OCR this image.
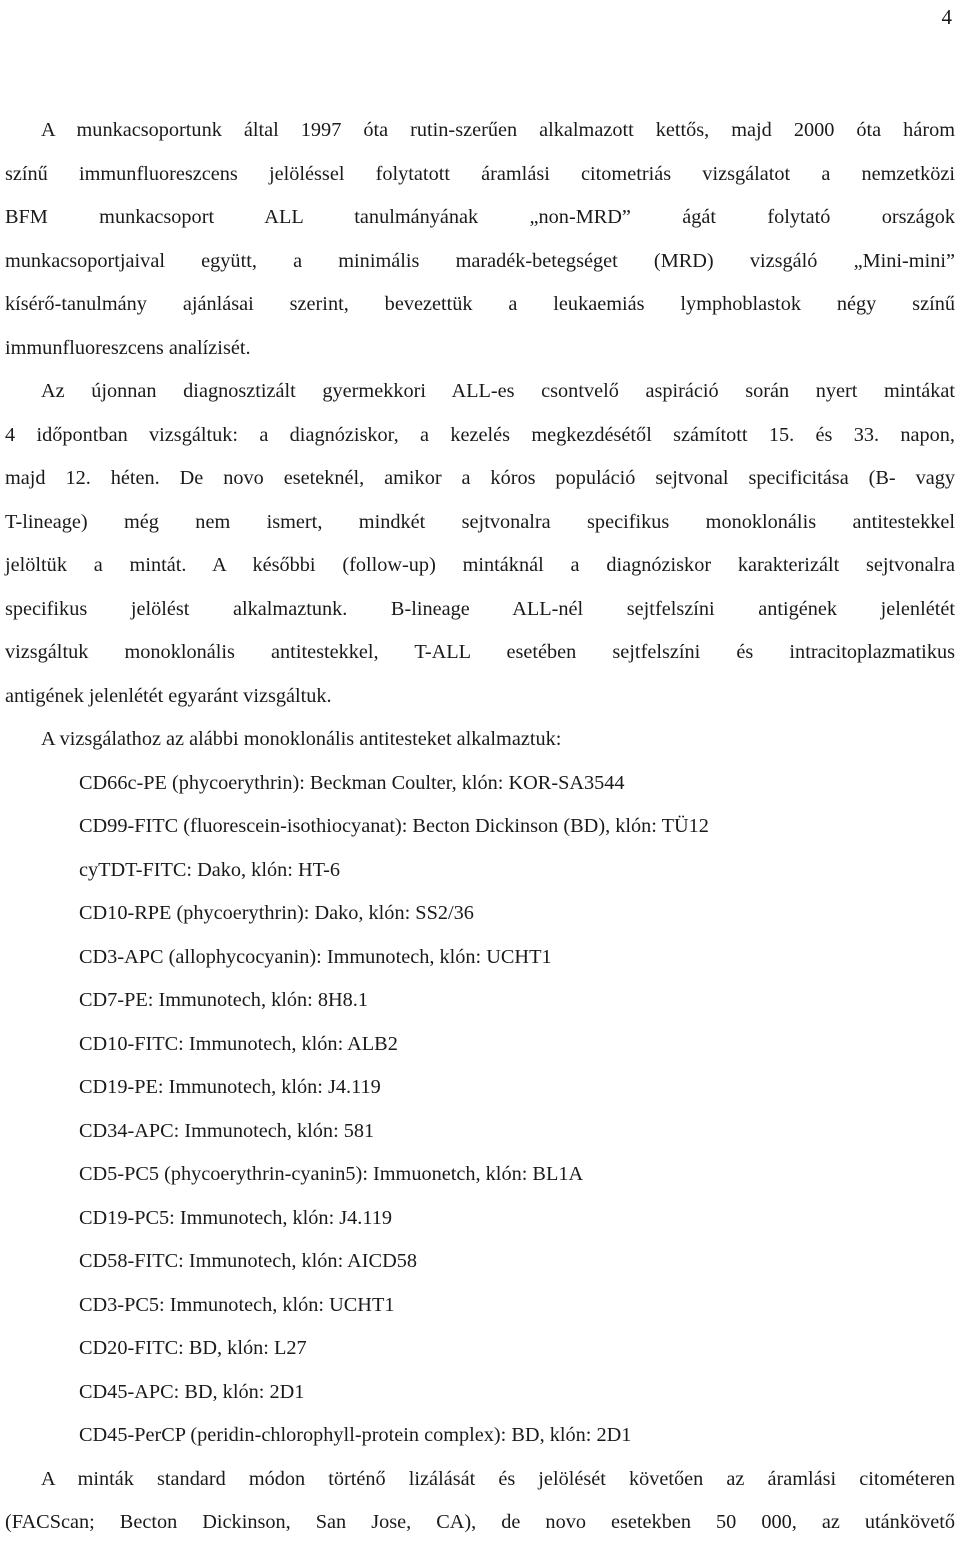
4

A munkacsoportunk által 1997 óta rutin-szerűen alkalmazott kettős, majd 2000 óta három
színű immunfluoreszcens jelöléssel folytatott áramlási citometriás vizsgálatot a nemzetközi
BFM munkacsoport ALL tanulmányának „non-MRD” ágát folytató országok
munkacsoportjaival együtt, a minimális maradék-betegséget (MRD) vizsgáló „Mini-mini”
kísérő-tanulmány ajánlásai szerint, bevezettük a leukaemiás lymphoblastok négy színű
immunfluoreszcens analízisét.

Az újonnan diagnosztizált gyermekkori ALL-es csontvelő aspiráció során nyert mintákat
4 időpontban vizsgáltuk: a diagnóziskor, a kezelés megkezdésétől számított 15. és 33. napon,
majd 12. héten. De novo eseteknél, amikor a kóros populáció sejtvonal specificitása (B- vagy
T-lineage) még nem ismert, mindkét sejtvonalra specifikus monoklonális antitestekkel
jelöltük a mintát. A későbbi (follow-up) mintáknál a diagnóziskor karakterizált sejtvonalra
specifikus jelölést alkalmaztunk. B-lineage ALL-nél sejtfelszíni antigének jelenlétét
vizsgáltuk monoklonális antitestekkel, T-ALL esetében sejtfelszíni és intracitoplazmatikus
antigének jelenlétét egyaránt vizsgáltuk.

A vizsgálathoz az alábbi monoklonális antitesteket alkalmaztuk:

CD66c-PE (phycoerythrin): Beckman Coulter, klón: KOR-SA3544
CD99-FITC (fluorescein-isothiocyanat): Becton Dickinson (BD), klón: TÜ12
cyTDT-FITC: Dako, klón: HT-6
CD10-RPE (phycoerythrin): Dako, klón: SS2/36
CD3-APC (allophycocyanin): Immunotech, klón: UCHT1
CD7-PE: Immunotech, klón: 8H8.1
CD10-FITC: Immunotech, klón: ALB2
CD19-PE: Immunotech, klón: J4.119
CD34-APC: Immunotech, klón: 581
CD5-PC5 (phycoerythrin-cyanin5): Immuonetch, klón: BL1A
CD19-PC5: Immunotech, klón: J4.119
CD58-FITC: Immunotech, klón: AICD58
CD3-PC5: Immunotech, klón: UCHT1
CD20-FITC: BD, klón: L27
CD45-APC: BD, klón: 2D1
CD45-PerCP (peridin-chlorophyll-protein complex): BD, klón: 2D1

A minták standard módon történő lizálását és jelölését követően az áramlási citométeren
(FACScan; Becton Dickinson, San Jose, CA), de novo esetekben 50 000, az utánkövető
